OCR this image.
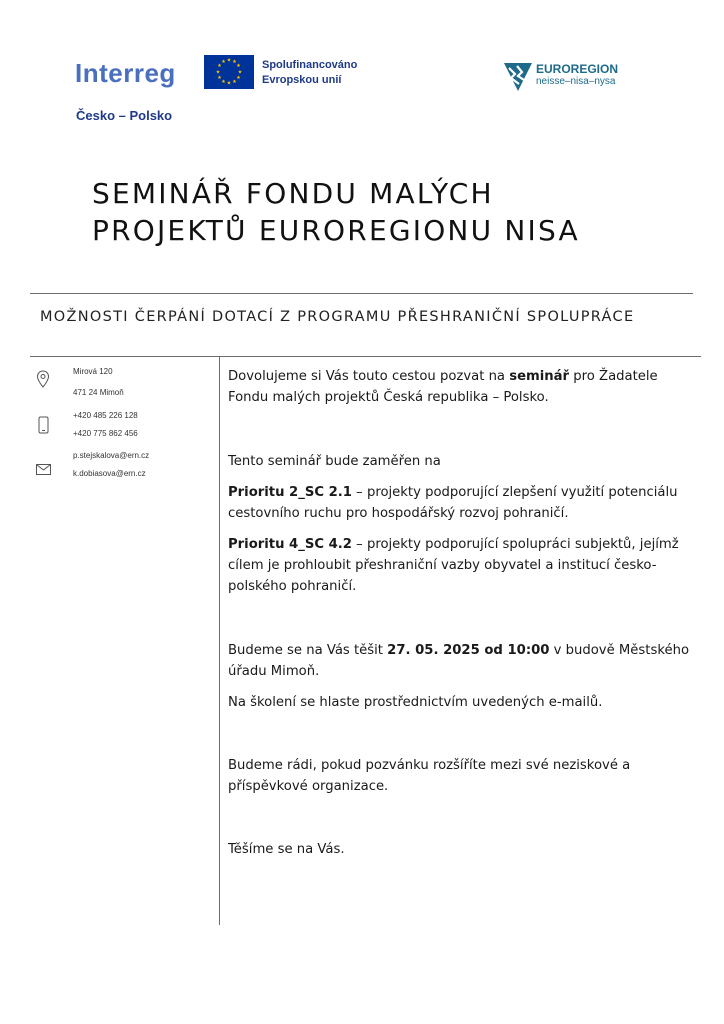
Interreg
Česko – Polsko
★ ★
★
★
★
★
★
★
★
★
★
★	Spolufinancováno
Evropskou unií
EUROREGION
neisse–nisa–nysa
SEMINÁŘ FONDU MALÝCH
PROJEKTŮ EUROREGIONU NISA
MOŽNOSTI ČERPÁNÍ DOTACÍ Z PROGRAMU PŘESHRANIČNÍ SPOLUPRÁCE
Mirová 120
471 24 Mimoň
+420 485 226 128
+420 775 862 456
p.stejskalova@ern.cz
k.dobiasova@ern.cz

Dovolujeme si Vás touto cestou pozvat na seminář pro Žadatele Fondu malých projektů Česká republika – Polsko.

Tento seminář bude zaměřen na

Prioritu 2_SC 2.1 – projekty podporující zlepšení využití potenciálu cestovního ruchu pro hospodářský rozvoj pohraničí.

Prioritu 4_SC 4.2 – projekty podporující spolupráci subjektů, jejímž cílem je prohloubit přeshraniční vazby obyvatel a institucí česko-polského pohraničí.

Budeme se na Vás těšit 27. 05. 2025 od 10:00 v budově Městského úřadu Mimoň.

Na školení se hlaste prostřednictvím uvedených e-mailů.

Budeme rádi, pokud pozvánku rozšíříte mezi své neziskové a příspěvkové organizace.

Těšíme se na Vás.
